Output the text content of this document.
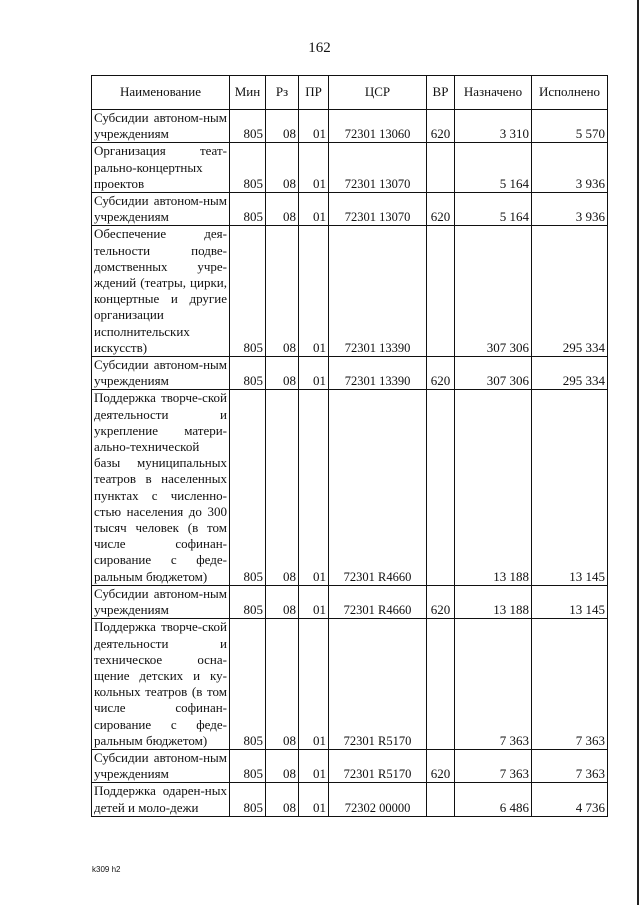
162
Наименование	Мин	Рз	ПР	ЦСР	ВР	Назначено	Исполнено
Субсидии автоном-ным учреждениям	805	08	01	72301 13060	620	3 310	5 570
Организация теат-рально-концертных проектов	805	08	01	72301 13070		5 164	3 936
Субсидии автоном-ным учреждениям	805	08	01	72301 13070	620	5 164	3 936
Обеспечение дея-тельности подве-домственных учре-ждений (театры, цирки, концертные и другие организации исполнительских искусств)	805	08	01	72301 13390		307 306	295 334
Субсидии автоном-ным учреждениям	805	08	01	72301 13390	620	307 306	295 334
Поддержка творче-ской деятельности и укрепление матери-ально-технической базы муниципальных театров в населенных пунктах с численно-стью населения до 300 тысяч человек (в том числе софинан-сирование с феде-ральным бюджетом)	805	08	01	72301 R4660		13 188	13 145
Субсидии автоном-ным учреждениям	805	08	01	72301 R4660	620	13 188	13 145
Поддержка творче-ской деятельности и техническое осна-щение детских и ку-кольных театров (в том числе софинан-сирование с феде-ральным бюджетом)	805	08	01	72301 R5170		7 363	7 363
Субсидии автоном-ным учреждениям	805	08	01	72301 R5170	620	7 363	7 363
Поддержка одарен-ных детей и моло-дежи	805	08	01	72302 00000		6 486	4 736
k309 h2
